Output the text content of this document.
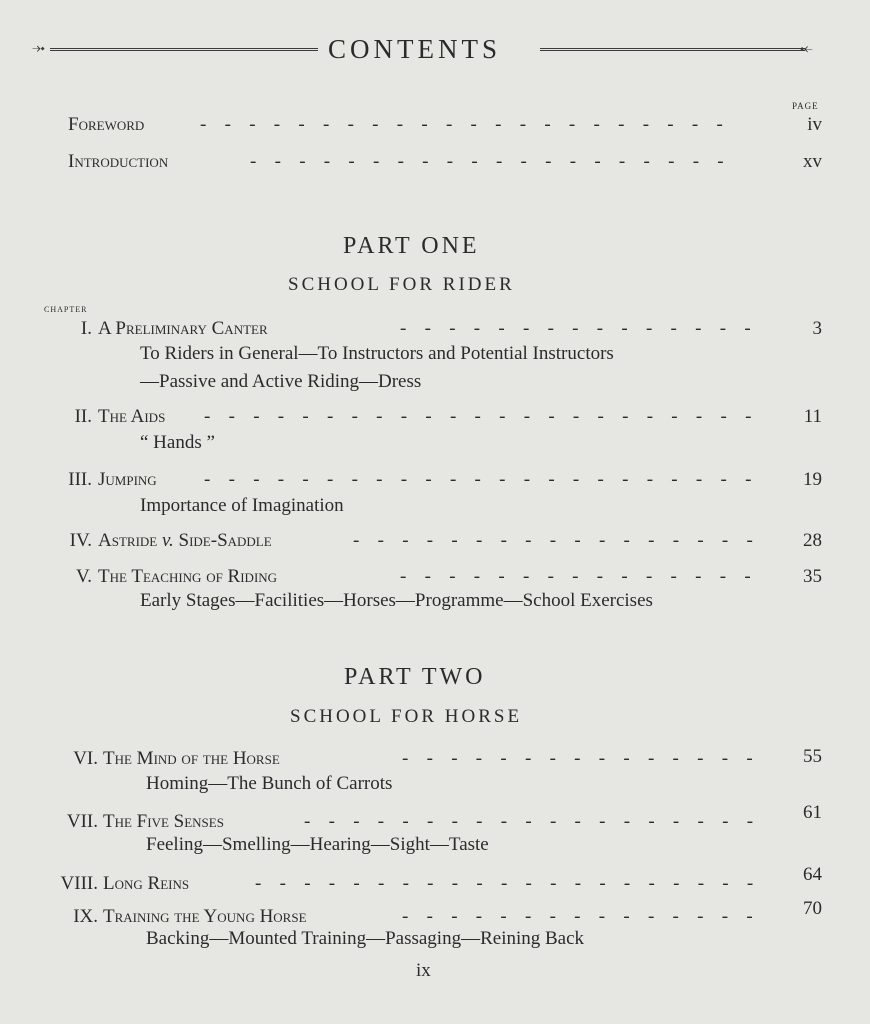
⤞	CONTENTS	⤝
PAGE
Foreword	- - - - - - - - - - - - - - - - - - - - - -	iv
Introduction	- - - - - - - - - - - - - - - - - - - -	xv
PART ONE
SCHOOL FOR RIDER
CHAPTER
I. A Preliminary Canter	- - - - - - - - - - - - - - -	3
To Riders in General—To Instructors and Potential Instructors
—Passive and Active Riding—Dress
II. The Aids - - - - - - - - - - - - - - - - - - - - - - -	11
“ Hands ”
III. Jumping - - - - - - - - - - - - - - - - - - - - - - -	19
Importance of Imagination
IV. Astride v. Side-Saddle	- - - - - - - - - - - - - - - - -	28
V. The Teaching of Riding	- - - - - - - - - - - - - - -	35
Early Stages—Facilities—Horses—Programme—School Exercises
PART TWO
SCHOOL FOR HORSE
VI. The Mind of the Horse	- - - - - - - - - - - - - - -	55
Homing—The Bunch of Carrots
VII. The Five Senses	- - - - - - - - - - - - - - - - - - -	61
Feeling—Smelling—Hearing—Sight—Taste
VIII. Long Reins	- - - - - - - - - - - - - - - - - - - - -	64
IX. Training the Young Horse	- - - - - - - - - - - - - - -	70
Backing—Mounted Training—Passaging—Reining Back
ix
